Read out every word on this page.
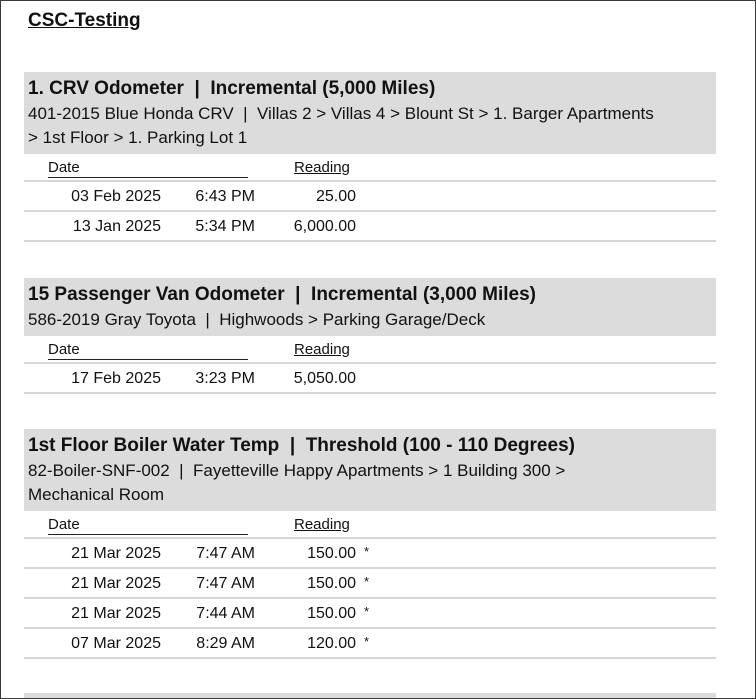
CSC-Testing
1. CRV Odometer  |  Incremental (5,000 Miles)
401-2015 Blue Honda CRV  |  Villas 2 > Villas 4 > Blount St > 1. Barger Apartments
> 1st Floor > 1. Parking Lot 1
Date	Reading
03 Feb 2025 6:43 PM	25.00
13 Jan 2025 5:34 PM 6,000.00
15 Passenger Van Odometer  |  Incremental (3,000 Miles)
586-2019 Gray Toyota  |  Highwoods > Parking Garage/Deck
Date	Reading
17 Feb 2025 3:23 PM 5,050.00
1st Floor Boiler Water Temp  |  Threshold (100 - 110 Degrees)
82-Boiler-SNF-002  |  Fayetteville Happy Apartments > 1 Building 300 >
Mechanical Room
Date	Reading
21 Mar 2025 7:47 AM	150.00 *
21 Mar 2025 7:47 AM	150.00 *
21 Mar 2025 7:44 AM	150.00 *
07 Mar 2025 8:29 AM	120.00 *
